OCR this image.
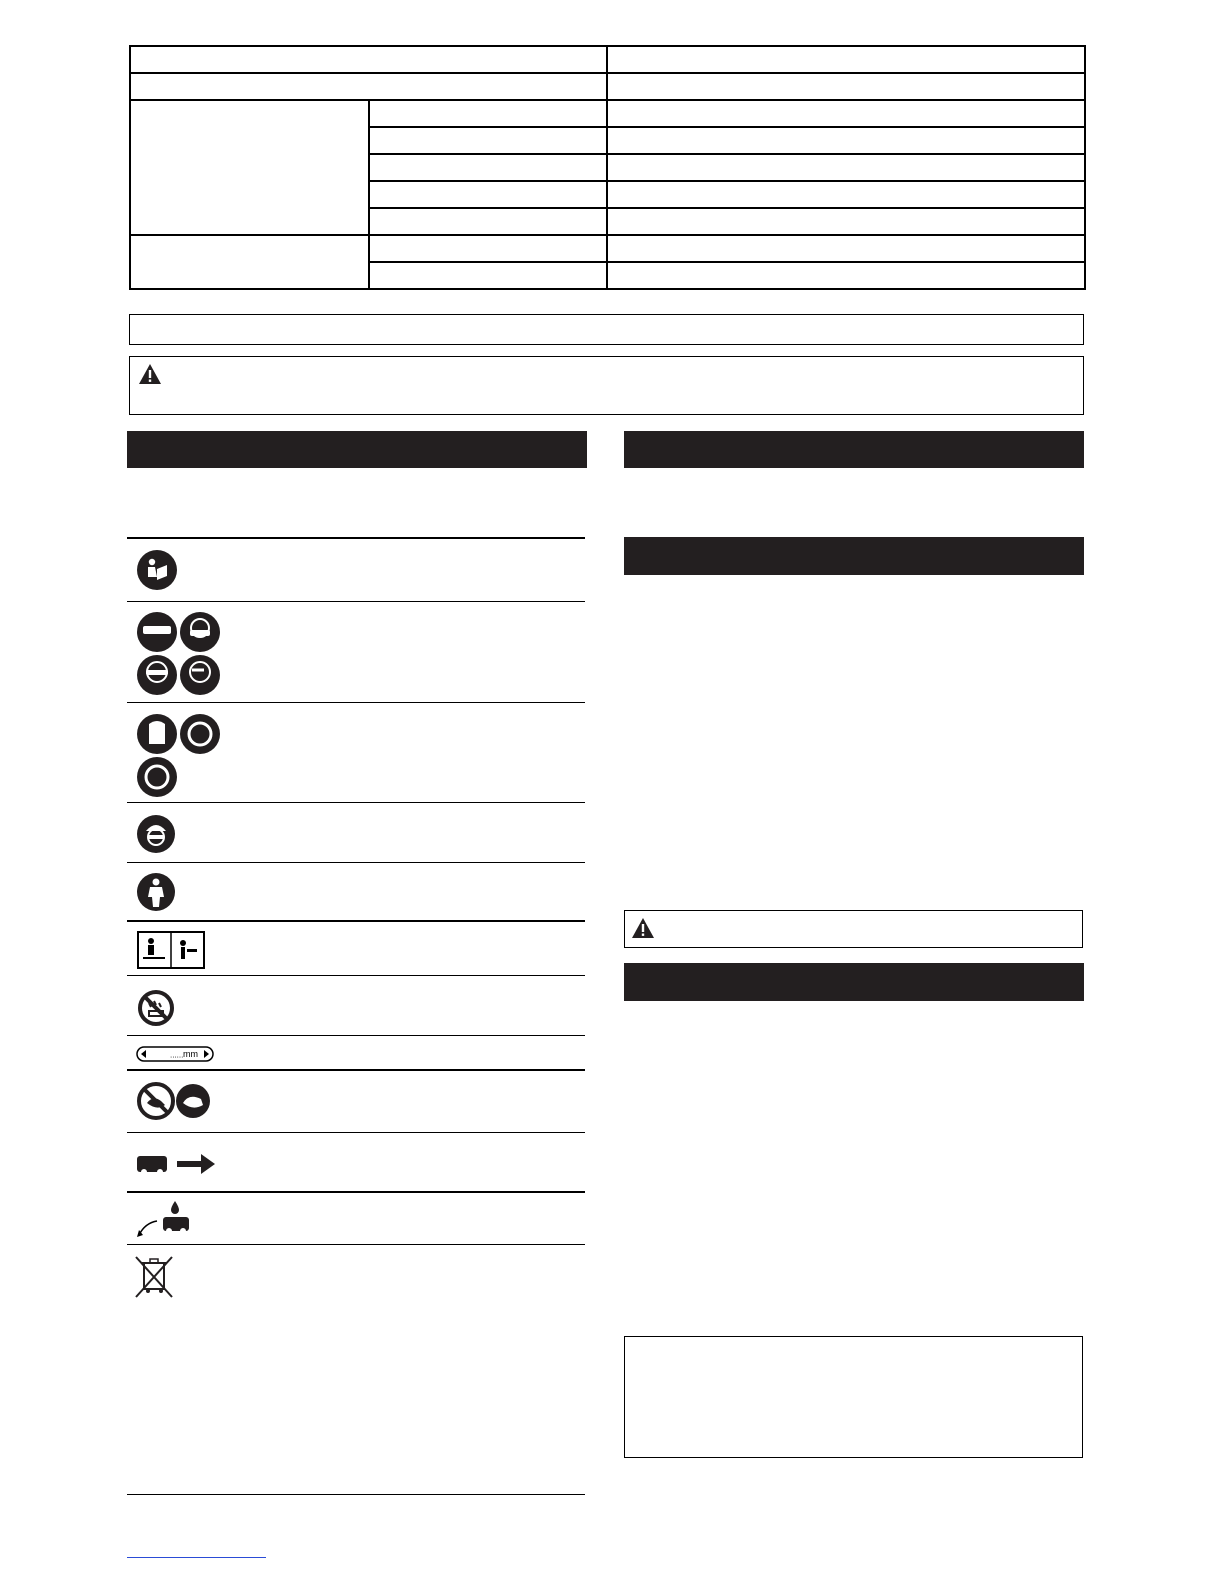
...... mm
